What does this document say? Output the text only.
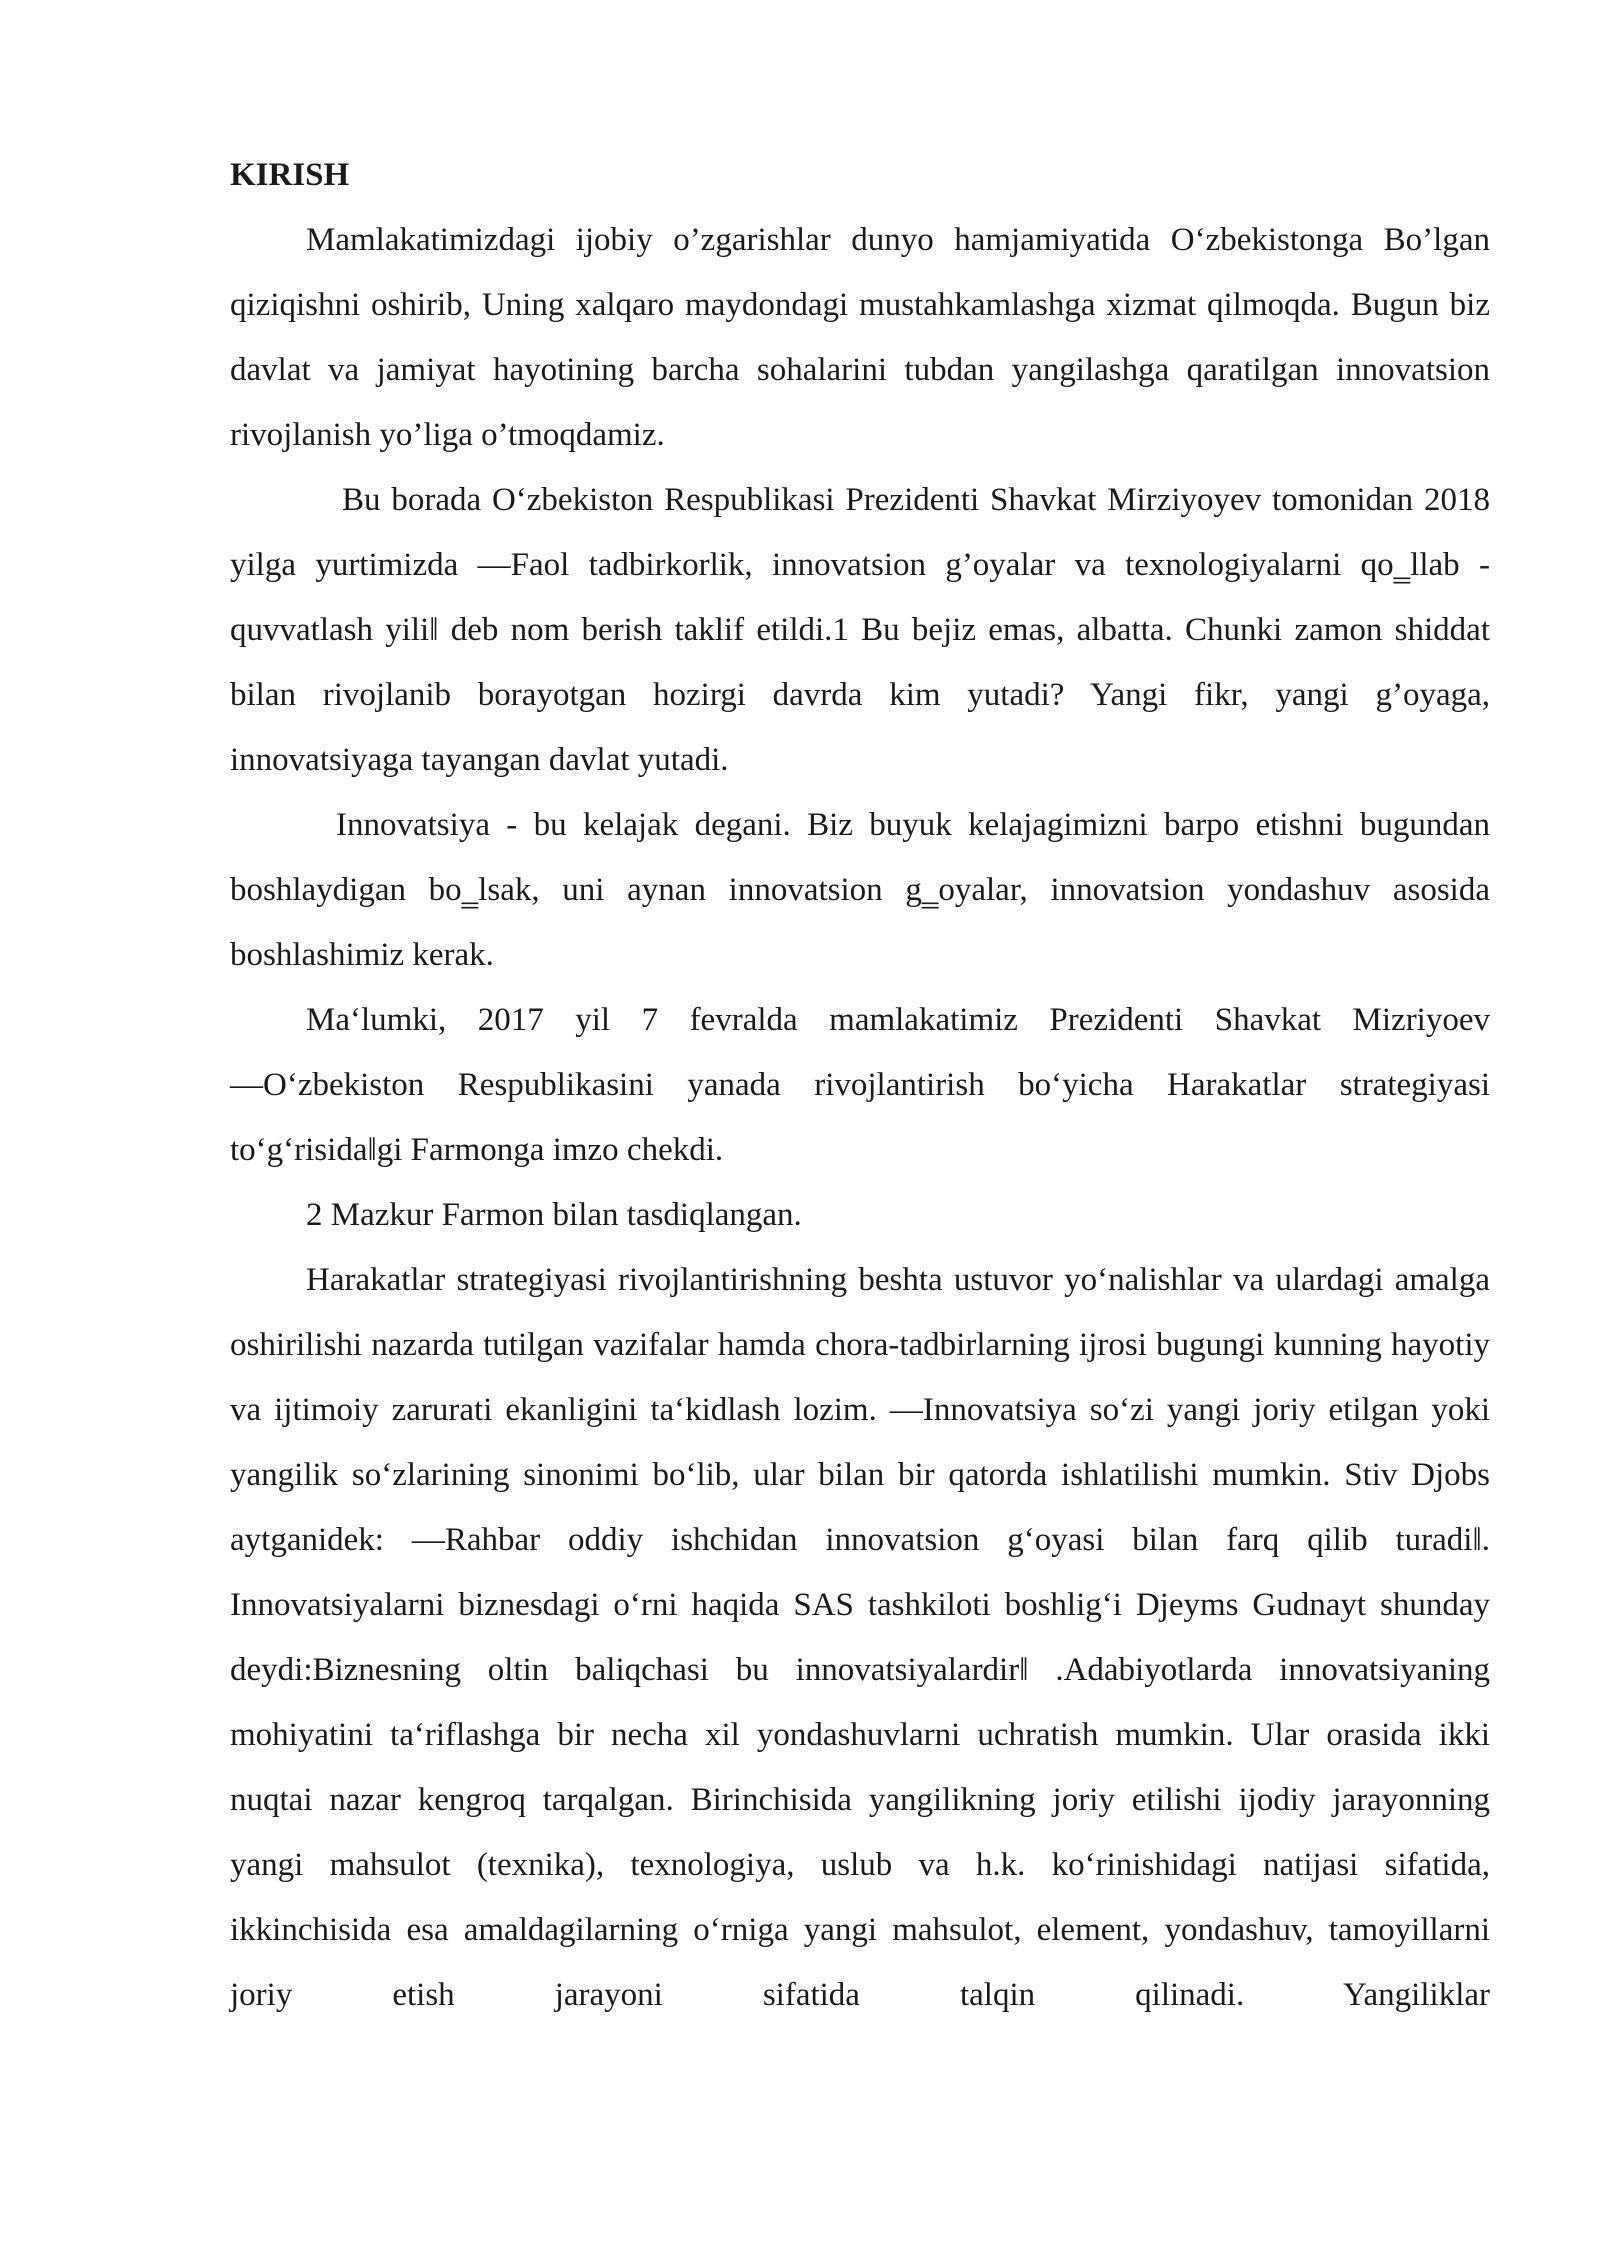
KIRISH

Mamlakatimizdagi ijobiy o’zgarishlar dunyo hamjamiyatida O‘zbekistonga Bo’lgan qiziqishni oshirib, Uning xalqaro maydondagi mustahkamlashga xizmat qilmoqda. Bugun biz davlat va jamiyat hayotining barcha sohalarini tubdan yangilashga qaratilgan innovatsion rivojlanish yo’liga o’tmoqdamiz.

Bu borada O‘zbekiston Respublikasi Prezidenti Shavkat Mirziyoyev tomonidan 2018 yilga yurtimizda ―Faol tadbirkorlik, innovatsion g’oyalar va texnologiyalarni qo‗llab - quvvatlash yili‖ deb nom berish taklif etildi.1 Bu bejiz emas, albatta. Chunki zamon shiddat bilan rivojlanib borayotgan hozirgi davrda kim yutadi? Yangi fikr, yangi g’oyaga, innovatsiyaga tayangan davlat yutadi.

Innovatsiya - bu kelajak degani. Biz buyuk kelajagimizni barpo etishni bugundan boshlaydigan bo‗lsak, uni aynan innovatsion g‗oyalar, innovatsion yondashuv asosida boshlashimiz kerak.

Ma‘lumki, 2017 yil 7 fevralda mamlakatimiz Prezidenti Shavkat Mizriyoev ―O‘zbekiston Respublikasini yanada rivojlantirish bo‘yicha Harakatlar strategiyasi to‘g‘risida‖gi Farmonga imzo chekdi.

2 Mazkur Farmon bilan tasdiqlangan.

Harakatlar strategiyasi rivojlantirishning beshta ustuvor yo‘nalishlar va ulardagi amalga oshirilishi nazarda tutilgan vazifalar hamda chora-tadbirlarning ijrosi bugungi kunning hayotiy va ijtimoiy zarurati ekanligini ta‘kidlash lozim. ―Innovatsiya so‘zi yangi joriy etilgan yoki yangilik so‘zlarining sinonimi bo‘lib, ular bilan bir qatorda ishlatilishi mumkin. Stiv Djobs aytganidek: ―Rahbar oddiy ishchidan innovatsion g‘oyasi bilan farq qilib turadi‖. Innovatsiyalarni biznesdagi o‘rni haqida SAS tashkiloti boshlig‘i Djeyms Gudnayt shunday deydi:Biznesning oltin baliqchasi bu innovatsiyalardir‖ .Adabiyotlarda innovatsiyaning mohiyatini ta‘riflashga bir necha xil yondashuvlarni uchratish mumkin. Ular orasida ikki nuqtai nazar kengroq tarqalgan. Birinchisida yangilikning joriy etilishi ijodiy jarayonning yangi mahsulot (texnika), texnologiya, uslub va h.k. ko‘rinishidagi natijasi sifatida, ikkinchisida esa amaldagilarning o‘rniga yangi mahsulot, element, yondashuv, tamoyillarni joriy etish jarayoni sifatida talqin qilinadi. Yangiliklar
